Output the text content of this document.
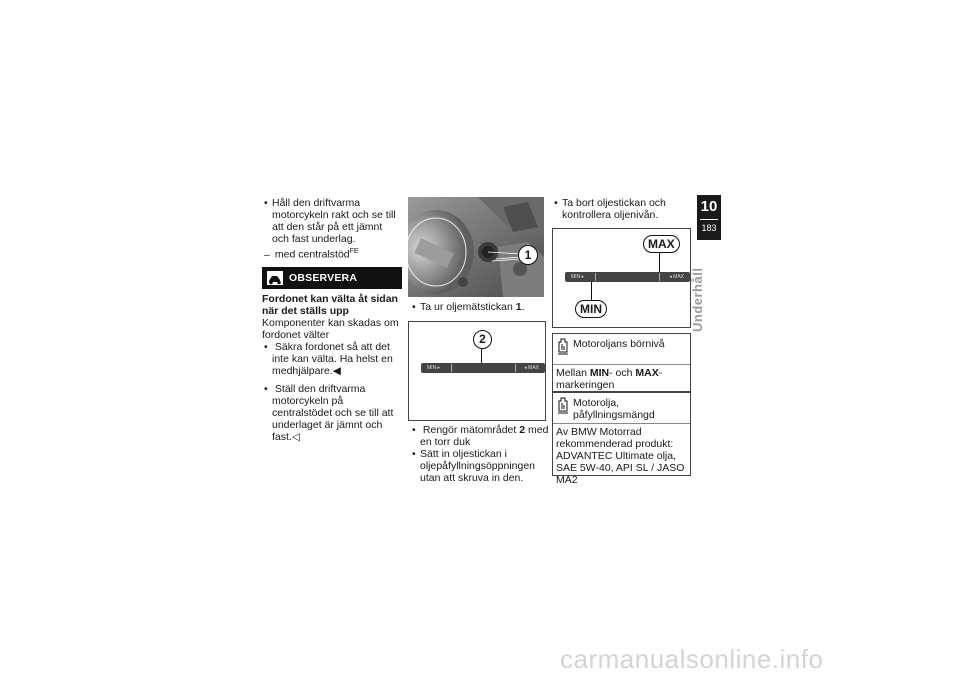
• Håll den driftvarma motorcykeln rakt och se till att den står på ett jämnt och fast underlag.

– med centralstöd$^{FE}$

OBSERVERA
Fordonet kan välta åt sidan när det ställs upp
Komponenter kan skadas om fordonet välter

• Säkra fordonet så att det inte kan välta. Ha helst en medhjälpare.◀

• Ställ den driftvarma motorcykeln på centralstödet och se till att underlaget är jämnt och fast.◁

1

• Ta ur oljemätstickan 1.

2
MIN ▸	◂ MAX

• Rengör mätområdet 2 med en torr duk

• Sätt in oljestickan i oljepåfyllningsöppningen utan att skruva in den.

• Ta bort oljestickan och kontrollera oljenivån.

MAX
MIN ▸	◂ MAX
MIN
Motoroljans börnivå
Mellan MIN- och MAX-markeringen
Motorolja, påfyllningsmängd
Av BMW Motorrad rekommenderad produkt: ADVANTEC Ultimate olja, SAE 5W-40, API SL / JASO MA2
10
183
Underhåll
carmanualsonline.info
